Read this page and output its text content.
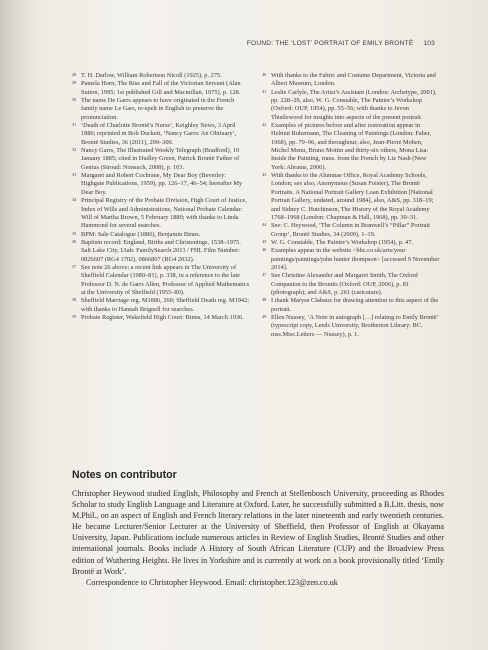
FOUND: THE ‘LOST’ PORTRAIT OF EMILY BRONTË 103
28 T. H. Darlow, William Robertson Nicoll (1925), p. 275.
29 Pamela Horn, The Rise and Fall of the Victorian Servant (Alan Sutton, 1995; 1st published Gill and Macmillan, 1975), p. 128.
30 The name De Garrs appears to have originated in the French family name Le Gars, re-spelt in English to preserve the pronunciation.
31 ‘Death of Charlotte Brontë’s Nurse’, Keighley News, 3 April 1886; reprinted in Bob Duckett, ‘Nancy Garrs: An Obituary’, Brontë Studies, 36 (2011), 299–300.
32 Nancy Garrs, The Illustrated Weekly Telegraph (Bradford), 10 January 1885; cited in Dudley Green, Patrick Brontë Father of Genius (Stroud: Nonsuch, 2008), p. 103.
33 Margaret and Robert Cochrane, My Dear Boy (Beverley: Highgate Publications, 1959), pp. 126–17, 46–54; hereafter My Dear Boy.
34 Principal Registry of the Probate Division, High Court of Justice, Index of Wills and Administrations, National Probate Calendar: Will of Martha Brown, 5 February 1880; with thanks to Linda Hammond for several searches.
35 BPM: Sale Catalogue (1886), Benjamin Binns.
36 Baptism record: England, Births and Christenings, 1538–1975. Salt Lake City, Utah: FamilySearch 2013 / FHL Film Number: 0826607 (RG4 1702), 0866807 (RG4 2032).
37 See note 26 above; a recent link appears in The University of Sheffield Calendar (1980–81), p. 338, in a reference to the late Professor D. N. de Garrs Allen, Professor of Applied Mathematics at the University of Sheffield (1955–80).
38 Sheffield Marriage reg. M1886, 260; Sheffield Death reg. M1942; with thanks to Hannah Brignell for searches.
39 Probate Register, Wakefield High Court: Binns, 14 March 1936.
40 With thanks to the Fabric and Costume Department, Victoria and Albert Museum, London.
41 Leslie Carlyle, The Artist’s Assistant (London: Archetype, 2001), pp. 228–29, also, W. G. Constable, The Painter’s Workshop (Oxford: OUP, 1954), pp. 55–56; with thanks to Jevon Thistlewood for insights into aspects of the present portrait.
42 Examples of pictures before and after restoration appear in Helmut Ruhemann, The Cleaning of Paintings (London: Faber, 1968), pp. 79–96, and throughout; also, Jean-Pierre Mohen, Michel Menu, Bruno Mottin and thirty-six others, Mona Lisa: Inside the Painting, trans. from the French by Liz Nash (New York: Abrams, 2006).
43 With thanks to the Alumnae Office, Royal Academy Schools, London; see also, Anonymous (Susan Foister), The Brontë Portraits. A National Portrait Gallery Loan Exhibition [National Portrait Gallery, undated, around 1984], also, A&S, pp. 318–19; and Sidney C. Hutchinson, The History of the Royal Academy 1768–1968 (London: Chapman & Hall, 1968), pp. 30–31.
44 See: C. Heywood, ‘The Column in Branwell’s “Pillar” Portrait Group’, Brontë Studies, 34 (2009), 1–19.
45 W. G. Constable, The Painter’s Workshop (1954), p. 47.
46 Examples appear in the website <bbc.co.uk/arts/your paintings/paintings/john hunter thompson> [accessed 9 November 2014].
47 See Christine Alexander and Margaret Smith, The Oxford Companion to the Brontës (Oxford: OUP, 2006), p. 81 (photograph); and A&S, p. 261 (caricature).
48 I thank Maryse Clabaux for drawing attention to this aspect of the portrait.
49 Ellen Nussey, ‘A Note in autograph […] relating to Emily Brontë’ (typescript copy, Leeds University, Brotherton Library: BC. mss.Misc.Letters — Nussey), p. 1.
Notes on contributor

Christopher Heywood studied English, Philosophy and French at Stellenbosch University, proceeding as Rhodes Scholar to study English Language and Literature at Oxford. Later, he successfully submitted a B.Litt. thesis, now M.Phil., on an aspect of English and French literary relations in the later nineteenth and early twentieth centuries. He became Lecturer/Senior Lecturer at the University of Sheffield, then Professor of English at Okayama University, Japan. Publications include numerous articles in Review of English Studies, Brontë Studies and other international journals. Books include A History of South African Literature (CUP) and the Broadview Press edition of Wuthering Heights. He lives in Yorkshire and is currently at work on a book provisionally titled ‘Emily Brontë at Work’.

Correspondence to Christopher Heywood. Email: christopher.123@zen.co.uk
